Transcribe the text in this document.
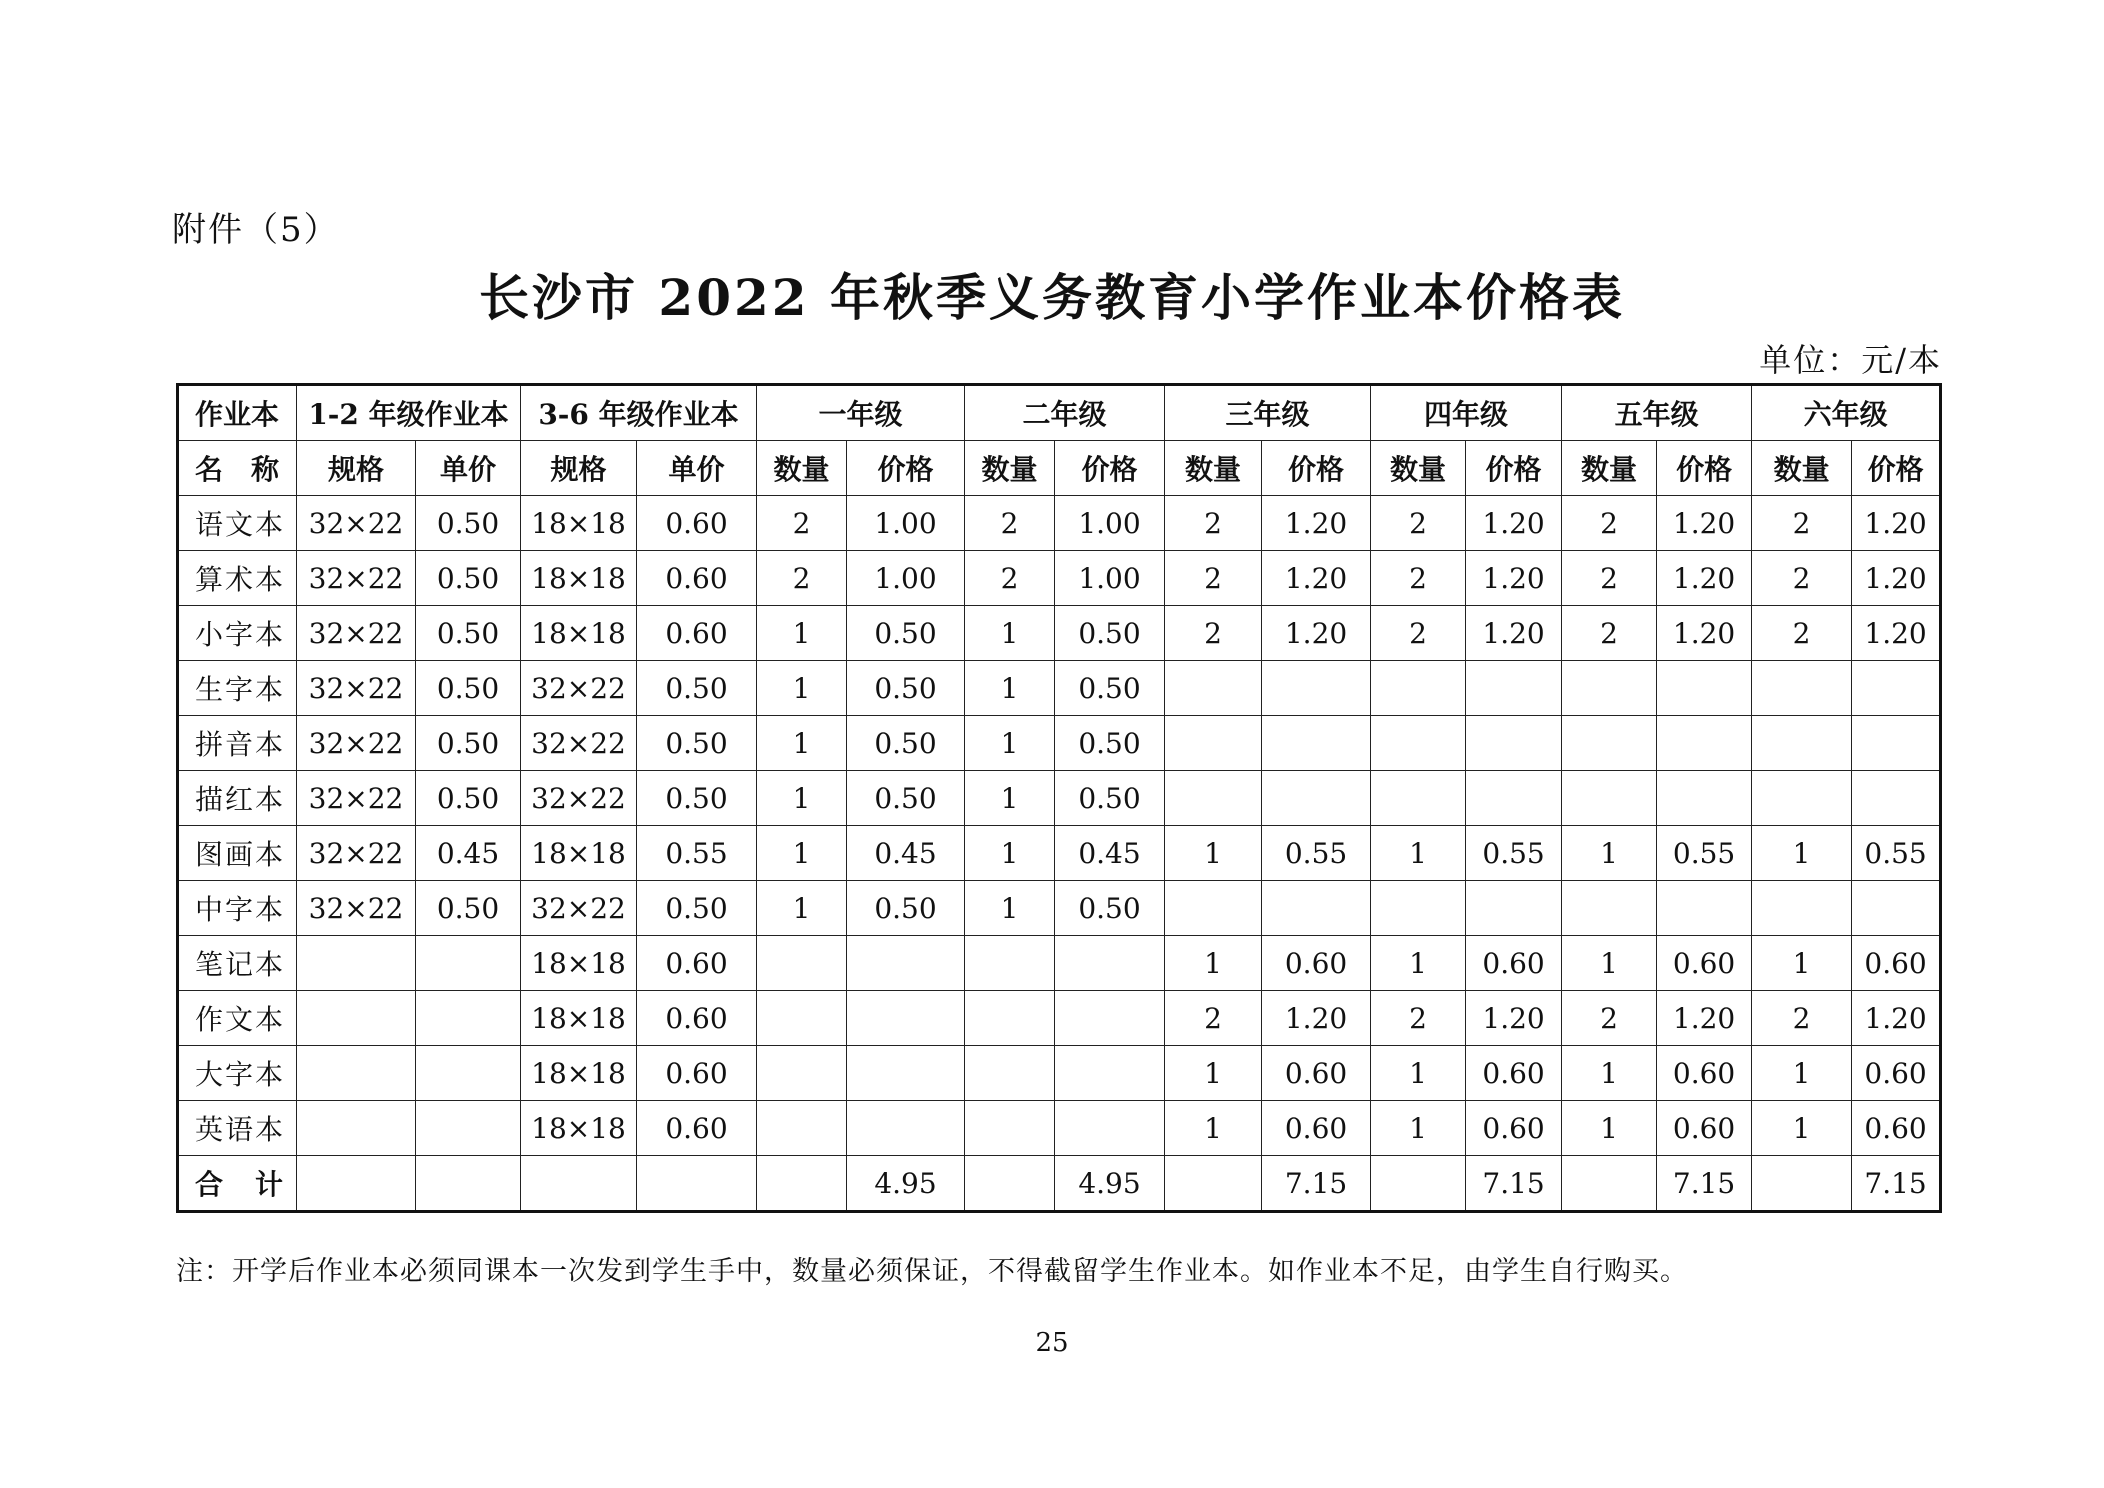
附件（5）
长沙市 2022 年秋季义务教育小学作业本价格表
单位：元/本
作业本	1-2 年级作业本		3-6 年级作业本		一年级		二年级		三年级		四年级		五年级		六年级	
名　称	规格	单价	规格	单价	数量	价格	数量	价格	数量	价格	数量	价格	数量	价格	数量	价格
语文本	32×22	0.50	18×18	0.60	2	1.00	2	1.00	2	1.20	2	1.20	2	1.20	2	1.20
算术本	32×22	0.50	18×18	0.60	2	1.00	2	1.00	2	1.20	2	1.20	2	1.20	2	1.20
小字本	32×22	0.50	18×18	0.60	1	0.50	1	0.50	2	1.20	2	1.20	2	1.20	2	1.20
生字本	32×22	0.50	32×22	0.50	1	0.50	1	0.50								
拼音本	32×22	0.50	32×22	0.50	1	0.50	1	0.50								
描红本	32×22	0.50	32×22	0.50	1	0.50	1	0.50								
图画本	32×22	0.45	18×18	0.55	1	0.45	1	0.45	1	0.55	1	0.55	1	0.55	1	0.55
中字本	32×22	0.50	32×22	0.50	1	0.50	1	0.50								
笔记本			18×18	0.60					1	0.60	1	0.60	1	0.60	1	0.60
作文本			18×18	0.60					2	1.20	2	1.20	2	1.20	2	1.20
大字本			18×18	0.60					1	0.60	1	0.60	1	0.60	1	0.60
英语本			18×18	0.60					1	0.60	1	0.60	1	0.60	1	0.60
合　计						4.95		4.95		7.15		7.15		7.15		7.15
注：开学后作业本必须同课本一次发到学生手中，数量必须保证，不得截留学生作业本。如作业本不足，由学生自行购买。
25
